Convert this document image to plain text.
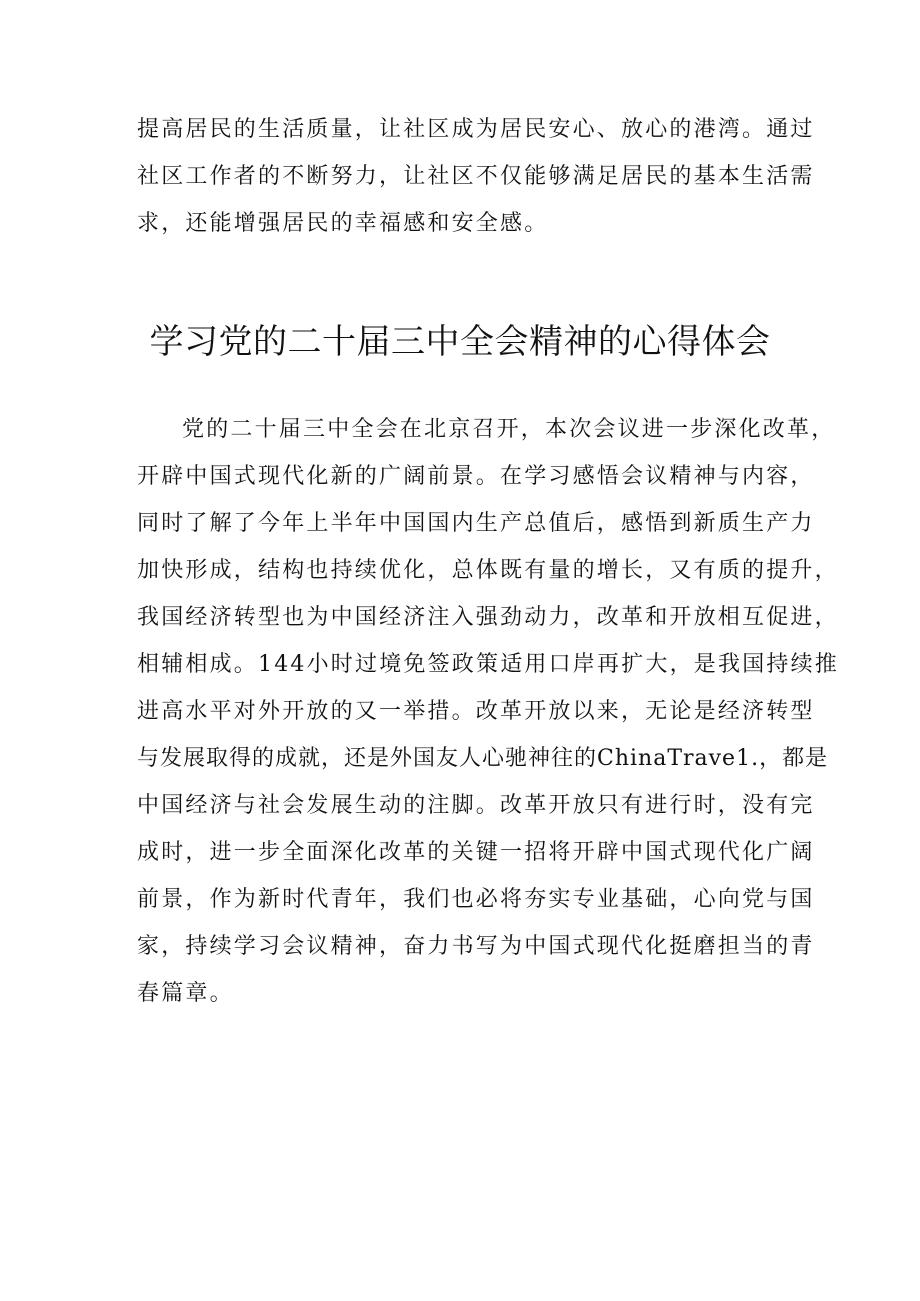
提高居民的生活质量，让社区成为居民安心、放心的港湾。通过

社区工作者的不断努力，让社区不仅能够满足居民的基本生活需

求，还能增强居民的幸福感和安全感。

学习党的二十届三中全会精神的心得体会

党的二十届三中全会在北京召开，本次会议进一步深化改革，

开辟中国式现代化新的广阔前景。在学习感悟会议精神与内容，

同时了解了今年上半年中国国内生产总值后，感悟到新质生产力

加快形成，结构也持续优化，总体既有量的增长，又有质的提升，

我国经济转型也为中国经济注入强劲动力，改革和开放相互促进，

相辅相成。144小时过境免签政策适用口岸再扩大，是我国持续推

进高水平对外开放的又一举措。改革开放以来，无论是经济转型

与发展取得的成就，还是外国友人心驰神往的ChinaTrave1.，都是

中国经济与社会发展生动的注脚。改革开放只有进行时，没有完

成时，进一步全面深化改革的关键一招将开辟中国式现代化广阔

前景，作为新时代青年，我们也必将夯实专业基础，心向党与国

家，持续学习会议精神，奋力书写为中国式现代化挺磨担当的青

春篇章。
